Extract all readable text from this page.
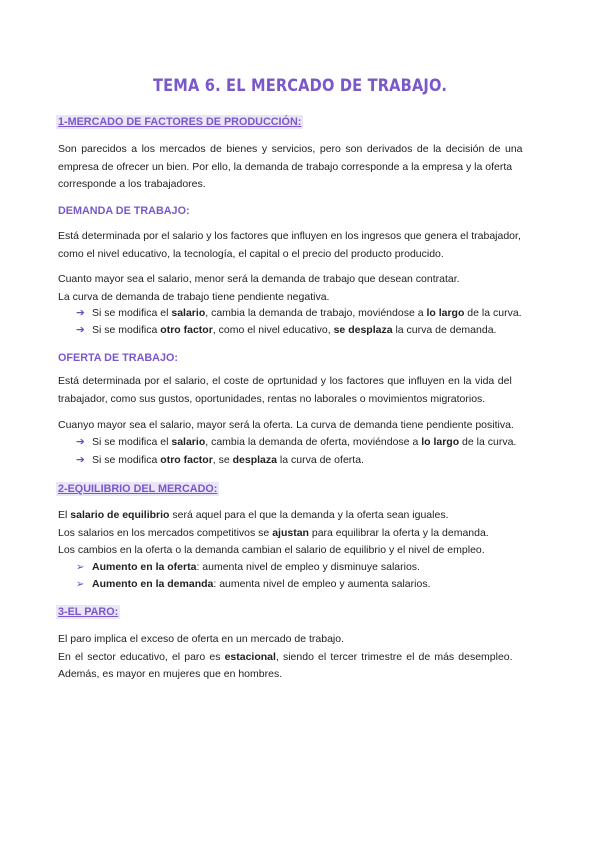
TEMA 6. EL MERCADO DE TRABAJO.
1-MERCADO DE FACTORES DE PRODUCCIÓN:
Son parecidos a los mercados de bienes y servicios, pero son derivados de la decisión de una
empresa de ofrecer un bien. Por ello, la demanda de trabajo corresponde a la empresa y la oferta
corresponde a los trabajadores.
DEMANDA DE TRABAJO:
Está determinada por el salario y los factores que influyen en los ingresos que genera el trabajador,
como el nivel educativo, la tecnología, el capital o el precio del producto producido.
Cuanto mayor sea el salario, menor será la demanda de trabajo que desean contratar.
La curva de demanda de trabajo tiene pendiente negativa.
➔ Si se modifica el salario, cambia la demanda de trabajo, moviéndose a lo largo de la curva.
➔ Si se modifica otro factor, como el nivel educativo, se desplaza la curva de demanda.
OFERTA DE TRABAJO:
Está determinada por el salario, el coste de oprtunidad y los factores que influyen en la vida del
trabajador, como sus gustos, oportunidades, rentas no laborales o movimientos migratorios.
Cuanyo mayor sea el salario, mayor será la oferta. La curva de demanda tiene pendiente positiva.
➔ Si se modifica el salario, cambia la demanda de oferta, moviéndose a lo largo de la curva.
➔ Si se modifica otro factor, se desplaza la curva de oferta.
2-EQUILIBRIO DEL MERCADO:
El salario de equilibrio será aquel para el que la demanda y la oferta sean iguales.
Los salarios en los mercados competitivos se ajustan para equilibrar la oferta y la demanda.
Los cambios en la oferta o la demanda cambian el salario de equilibrio y el nivel de empleo.
➢ Aumento en la oferta: aumenta nivel de empleo y disminuye salarios.
➢ Aumento en la demanda: aumenta nivel de empleo y aumenta salarios.
3-EL PARO:
El paro implica el exceso de oferta en un mercado de trabajo.
En el sector educativo, el paro es estacional, siendo el tercer trimestre el de más desempleo.
Además, es mayor en mujeres que en hombres.
